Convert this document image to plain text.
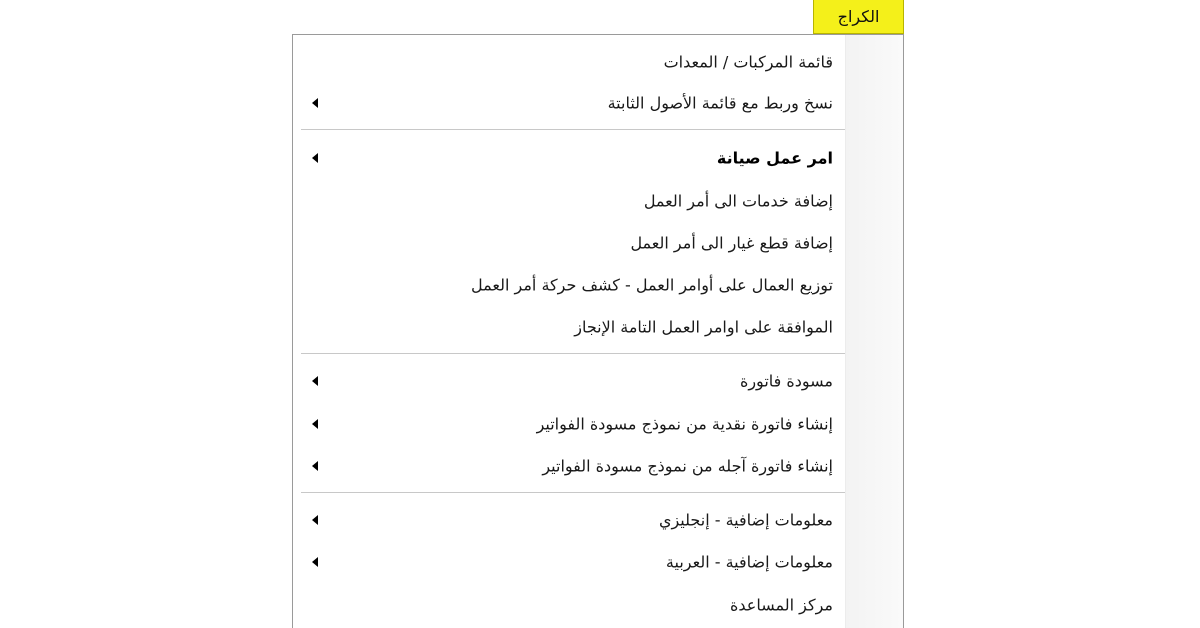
الكراج
قائمة المركبات / المعدات
نسخ وربط مع قائمة الأصول الثابتة
امر عمل صيانة
إضافة خدمات الى أمر العمل
إضافة قطع غيار الى أمر العمل
توزيع العمال على أوامر العمل - كشف حركة أمر العمل
الموافقة على اوامر العمل التامة الإنجاز
مسودة فاتورة
إنشاء فاتورة نقدية من نموذج مسودة الفواتير
إنشاء فاتورة آجله من نموذج مسودة الفواتير
معلومات إضافية - إنجليزي
معلومات إضافية - العربية
مركز المساعدة
